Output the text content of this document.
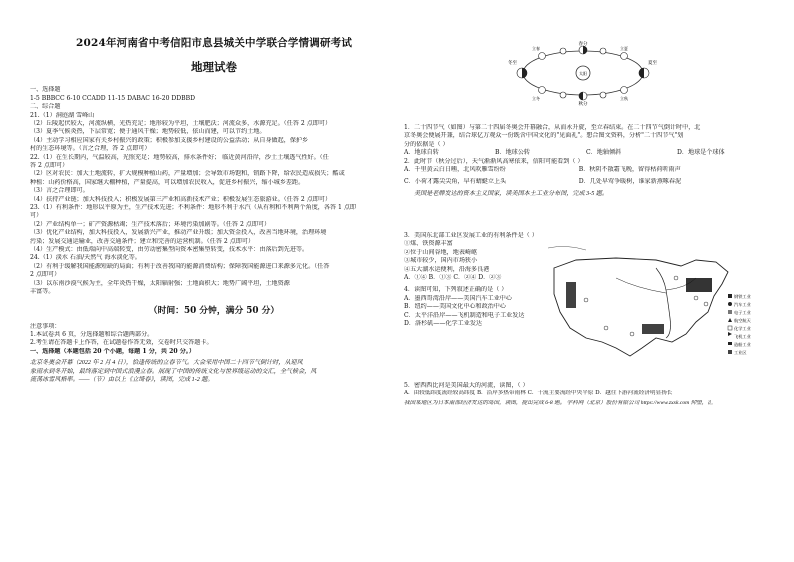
2024年河南省中考信阳市息县城关中学联合学情调研考试
地理试卷
一、选择题
1-5 BBBCC 6-10 CCADD 11-15 DABAC 16-20 DDBBD
二、综合题
21.（1）洞庭湖 雪峰山
（2）丘陵起伏较大，河流纵横，光热充足；地形较为平坦，土壤肥沃；河流众多，水源充足。（任答 2 点即可）
（3）夏季气候炎热，下层常宽；便于通风干燥；地势较低，依山而建，可以节约土地。
（4）主动学习相应国家有关乡村振兴的政策；积极参加支援乡村建设的公益活动；从自身做起，保护乡
村的生态环境等。（言之合理，答 2 点即可）
22.（1）在生长期内，气温较高，光照充足；地势较高，排水条件好； 临近黄河沿岸，沙土土壤透气性好。（任
答 2 点即可）
（2）区对农民：加大土地流转，扩大规模种植山药，产量增加；会导致市场饱和，销路下降，给农民造成损失；酷或
种植：山药价格高，国家继大棚种植，产量提高，可以增加农民收入，促进乡村振兴，缩小城乡差距。
（3）言之合理即可。
（4）扶持产业链；加大科技投入；积极发展第三产业和高新技术产业；积极发展生态旅游业。（任答 2 点即可）
23.（1）有利条件：地形以平原为主，生产技术先进；不利条件：地形不利于水汽（从有利和不利两个角度，各答 1 点即
可）
（2）产业结构单一；矿产资源枯竭；生产技术落后；环境污染加剧等。（任答 2 点即可）
（3）优化产业结构，加大科技投入，发展新兴产业，推动产业升级；加大资金投入，改善当地环境，治理环境
污染；发展交通运输业，改善交通条件；建立和完善的运营机制。（任答 2 点即可）
（4）生产模式：由低端向中高端转变，由劳动密集型向资本密集型转变，技术水平：由落后到先进等。
24.（1）淡水 石油/天然气 海水淡化等。
（2）有利于缓解我国能源短缺的局面；有利于改善我国的能源消费结构；保障我国能源进口来源多元化。（任答
2 点即可）
（3）以东南沙漠气候为主，全年炎热干燥，太阳辐射强；土地面积大；地势广阔平坦，土地资源
丰富等。
（时间：50 分钟，满分 50 分）
注意事项：
1.本试卷共 6 页，分选择题和综合题两部分。
2.考生请在答题卡上作答，在试题卷作答无效，交卷时只交答题卡。
一、选择题（本题包括 20 个小题，每题 1 分，共 20 分。）
北京冬奥会开幕（2022 年 2 月 4 日），恰逢传统的立春节气。大会采用中国二十四节气倒计时，从迎风
象雨水到冬开始，最终落定到中国式浪漫立春。展现了中国的传统文化与世界级运动的交汇，全气候会，风
流荡冰雪风格率。——（节）由以上《立绮春》，读图，完成 1-2 题。
春分
夏至
秋分
冬至
太阳
立春	立夏
立秋
立冬
1．二十四节气（如图）与第二十四届冬奥会开幕融合，从而永升旋，至立春结束。在二十四节气倒计时中，北
京冬奥会便展开兼，结合球亿万观众一份既含中国文化的"见面礼"。想合图文资料，分析"二十四节气"划
分的依据是（ ）
A．地球自转	B．地球公转	C．地轴倾斜	D．地球是个球体
2．此时节（秋分过后），天气渐渐风高寒依来，信阳可能看到（ ）
A．千里黄云白日曛，北风吹雁雪纷纷	B．秋阴不散霜飞晚，留得枯荷听雨声 C．小荷才露尖尖角，早有蜻蜓立上头	D．几处早莺争暖树，谁家新燕啄春泥
美国是老牌发达的资本主义国家，读美国本土工业分布图，完成 3-5 题。
3．美国东北部工业区发展工业的有利条件是（ ）
①煤、铁资源丰富
②位于山间谷地，地表崎岖
③城市较少，国内市场狭小
④五大湖水运便利，沿海多良港
A．①④ B．①③ C．②④ D．②③
4．读图可知，下列叙述正确的是（ ）
A．墨西哥湾沿岸——美国汽车工业中心
B．纽约——美国文化中心和政治中心
C．太平洋沿岸——飞机制造和电子工业发达
D．洛杉矶——化学工业发达
钢铁工业
汽车工业
电子工业
航空航天
化学工业
飞机工业
造船工业
工业区
5．密西西比河是美国最大的河流，读图，（ ）
A．由较低纬度流经较高纬度 B．沿岸多热带雨林 C．干流主要流经中央平原 D．越往下游河流经济明显扬长
我国某地区为日本南部经济发达的岛国，读图，提出完成 6-8 题。 学科网（北京）股份有限公司 https://www.zxxk.com 仰望，汇
